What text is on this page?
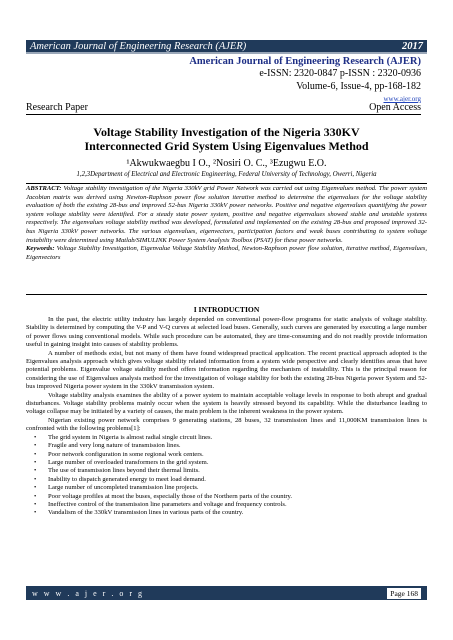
American Journal of Engineering Research (AJER)	2017
American Journal of Engineering Research (AJER)
e-ISSN: 2320-0847 p-ISSN : 2320-0936
Volume-6, Issue-4, pp-168-182
www.ajer.org
Research Paper	Open Access
Voltage Stability Investigation of the Nigeria 330KV
Interconnected Grid System Using Eigenvalues Method
¹Akwukwaegbu I O., ²Nosiri O. C., ³Ezugwu E.O.
1,2,3Department of Electrical and Electronic Engineering, Federal University of Technology, Owerri, Nigeria
ABSTRACT: Voltage stability investigation of the Nigeria 330kV grid Power Network was carried out using Eigenvalues method. The power system Jacobian matrix was derived using Newton-Raphson power flow solution iterative method to determine the eigenvalues for the voltage stability evaluation of both the existing 28-bus and improved 52-bus Nigeria 330kV power networks. Positive and negative eigenvalues quantifying the power system voltage stability were identified. For a steady state power system, positive and negative eigenvalues showed stable and unstable systems respectively. The eigenvalues voltage stability method was developed, formulated and implemented on the existing 28-bus and proposed improved 32-bus Nigeria 330kV power networks. The various eigenvalues, eigenvectors, participation factors and weak buses contributing to system voltage instability were determined using Matlab/SIMULINK Power System Analysis Toolbox (PSAT) for these power networks.
Keywords: Voltage Stability Investigation, Eigenvalue Voltage Stability Method, Newton-Raphson power flow solution, iterative method, Eigenvalues, Eigenvectors
I INTRODUCTION

In the past, the electric utility industry has largely depended on conventional power-flow programs for static analysis of voltage stability. Stability is determined by computing the V-P and V-Q curves at selected load buses. Generally, such curves are generated by executing a large number of power flows using conventional models. While such procedure can be automated, they are time-consuming and do not readily provide information useful in gaining insight into causes of stability problems.

A number of methods exist, but not many of them have found widespread practical application. The recent practical approach adopted is the Eigenvalues analysis approach which gives voltage stability related information from a system wide perspective and clearly identifies areas that have potential problems. Eigenvalue voltage stability method offers information regarding the mechanism of instability. This is the principal reason for considering the use of Eigenvalues analysis method for the investigation of voltage stability for both the existing 28-bus Nigeria power System and 52-bus improved Nigeria power system in the 330kV transmission system.

Voltage stability analysis examines the ability of a power system to maintain acceptable voltage levels in response to both abrupt and gradual disturbances. Voltage stability problems mainly occur when the system is heavily stressed beyond its capability. While the disturbance leading to voltage collapse may be initiated by a variety of causes, the main problem is the inherent weakness in the power system.

Nigerian existing power network comprises 9 generating stations, 28 buses, 32 transmission lines and 11,000KM transmission lines is confronted with the following problems[1]:

• The grid system in Nigeria is almost radial single circuit lines.
• Fragile and very long nature of transmission lines.
• Poor network configuration in some regional work centers.
• Large number of overloaded transformers in the grid system.
• The use of transmission lines beyond their thermal limits.
• Inability to dispatch generated energy to meet load demand.
• Large number of uncompleted transmission line projects.
• Poor voltage profiles at most the buses, especially those of the Northern parts of the country.
• Ineffective control of the transmission line parameters and voltage and frequency controls.
• Vandalism of the 330kV transmission lines in various parts of the country.
w w w . a j e r . o r g	Page 168
